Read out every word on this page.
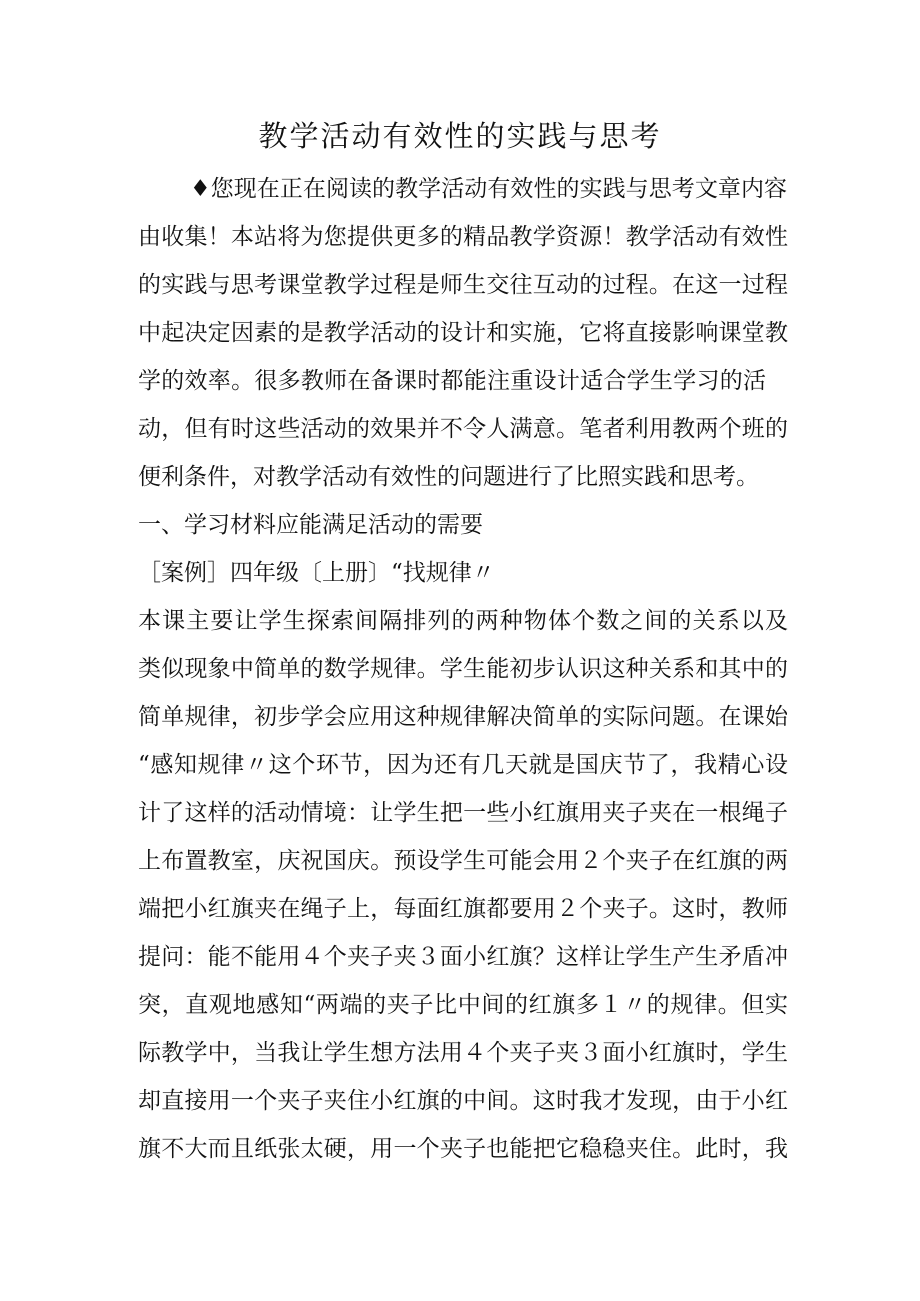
教学活动有效性的实践与思考
♦您现在正在阅读的教学活动有效性的实践与思考文章内容
由收集！本站将为您提供更多的精品教学资源！教学活动有效性
的实践与思考课堂教学过程是师生交往互动的过程。在这一过程
中起决定因素的是教学活动的设计和实施，它将直接影响课堂教
学的效率。很多教师在备课时都能注重设计适合学生学习的活
动，但有时这些活动的效果并不令人满意。笔者利用教两个班的
便利条件，对教学活动有效性的问题进行了比照实践和思考。
一、学习材料应能满足活动的需要
［案例］四年级〔上册〕“找规律〃
本课主要让学生探索间隔排列的两种物体个数之间的关系以及
类似现象中简单的数学规律。学生能初步认识这种关系和其中的
简单规律，初步学会应用这种规律解决简单的实际问题。在课始
“感知规律〃这个环节，因为还有几天就是国庆节了，我精心设
计了这样的活动情境：让学生把一些小红旗用夹子夹在一根绳子
上布置教室，庆祝国庆。预设学生可能会用２个夹子在红旗的两
端把小红旗夹在绳子上，每面红旗都要用２个夹子。这时，教师
提问：能不能用４个夹子夹３面小红旗？这样让学生产生矛盾冲
突，直观地感知“两端的夹子比中间的红旗多１〃的规律。但实
际教学中，当我让学生想方法用４个夹子夹３面小红旗时，学生
却直接用一个夹子夹住小红旗的中间。这时我才发现，由于小红
旗不大而且纸张太硬，用一个夹子也能把它稳稳夹住。此时，我
